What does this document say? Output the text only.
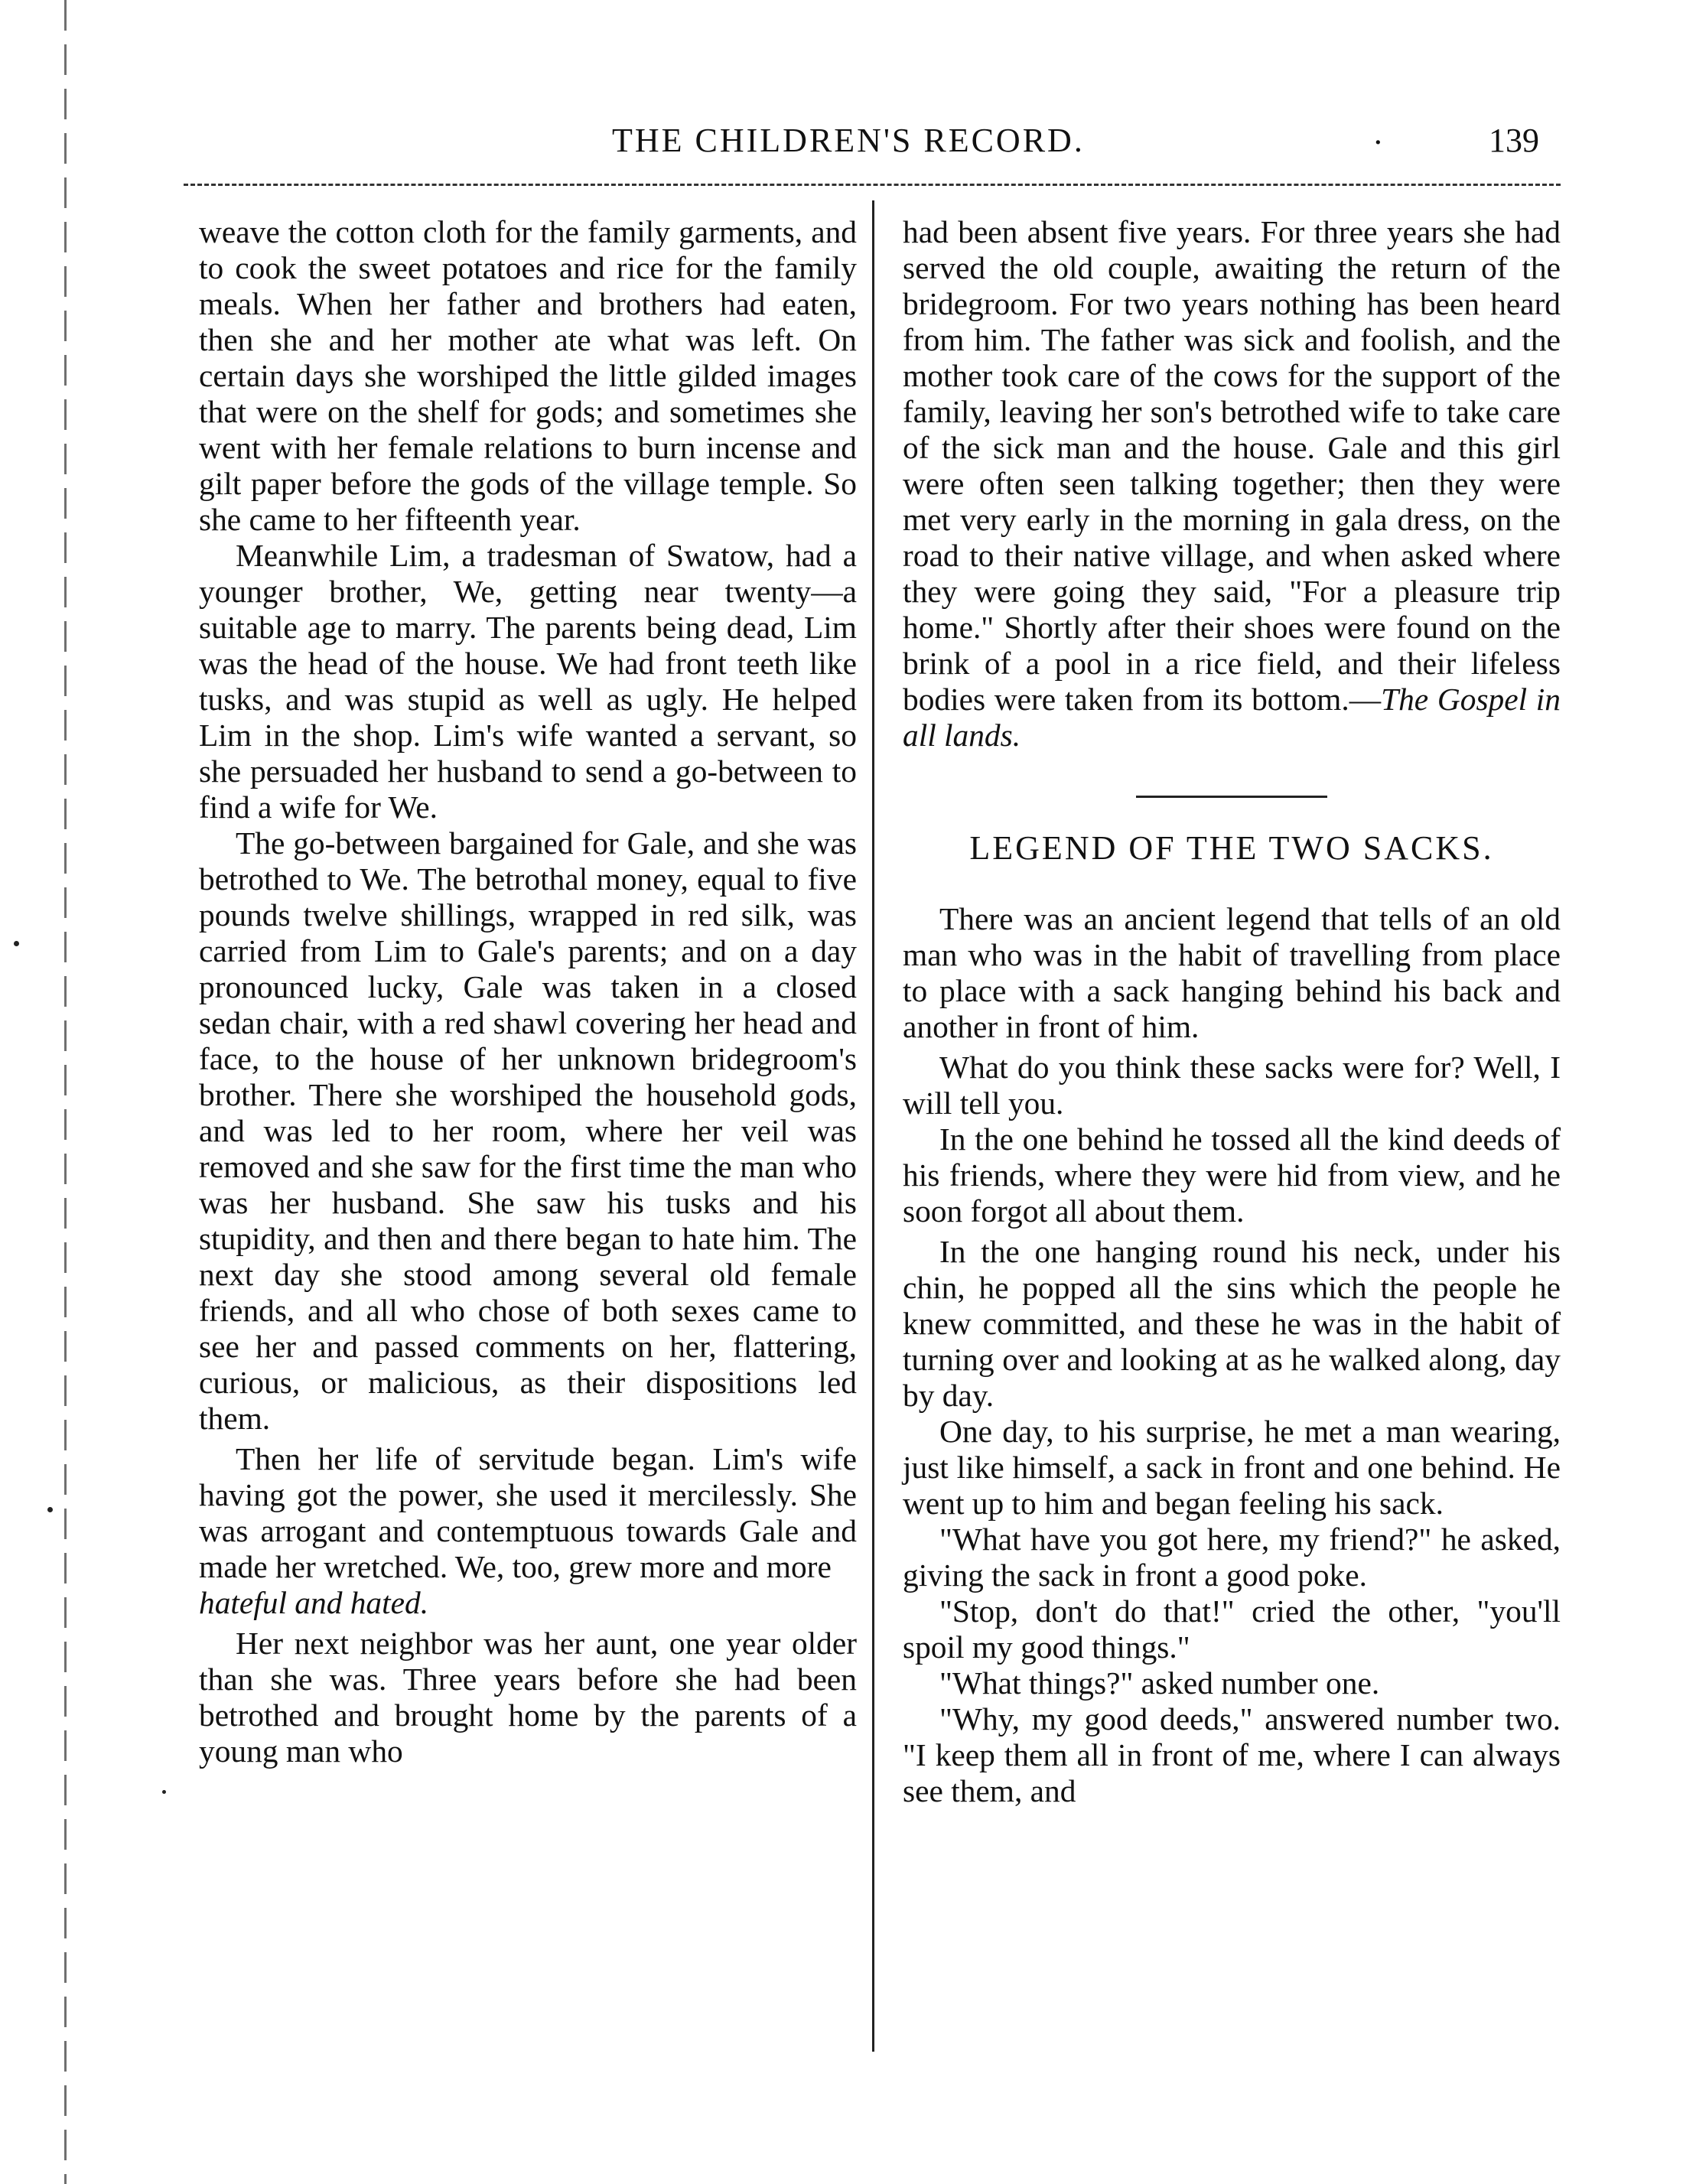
THE CHILDREN'S RECORD.	·	139

weave the cotton cloth for the family garments, and to cook the sweet potatoes and rice for the family meals. When her father and brothers had eaten, then she and her mother ate what was left. On certain days she worshiped the little gilded images that were on the shelf for gods; and sometimes she went with her female relations to burn incense and gilt paper before the gods of the village temple. So she came to her fifteenth year.

Meanwhile Lim, a tradesman of Swatow, had a younger brother, We, getting near twenty—a suitable age to marry. The parents being dead, Lim was the head of the house. We had front teeth like tusks, and was stupid as well as ugly. He helped Lim in the shop. Lim's wife wanted a servant, so she persuaded her husband to send a go-between to find a wife for We.

The go-between bargained for Gale, and she was betrothed to We. The betrothal money, equal to five pounds twelve shillings, wrapped in red silk, was carried from Lim to Gale's parents; and on a day pronounced lucky, Gale was taken in a closed sedan chair, with a red shawl covering her head and face, to the house of her unknown bridegroom's brother. There she worshiped the household gods, and was led to her room, where her veil was removed and she saw for the first time the man who was her husband. She saw his tusks and his stupidity, and then and there began to hate him. The next day she stood among several old female friends, and all who chose of both sexes came to see her and passed comments on her, flattering, curious, or malicious, as their dispositions led them.

Then her life of servitude began. Lim's wife having got the power, she used it mercilessly. She was arrogant and contemptuous towards Gale and made her wretched. We, too, grew more and more

hateful and hated.

Her next neighbor was her aunt, one year older than she was. Three years before she had been betrothed and brought home by the parents of a young man who

had been absent five years. For three years she had served the old couple, awaiting the return of the bridegroom. For two years nothing has been heard from him. The father was sick and foolish, and the mother took care of the cows for the support of the family, leaving her son's betrothed wife to take care of the sick man and the house. Gale and this girl were often seen talking together; then they were met very early in the morning in gala dress, on the road to their native village, and when asked where they were going they said, "For a pleasure trip home." Shortly after their shoes were found on the brink of a pool in a rice field, and their lifeless bodies were taken from its bottom.—The Gospel in all lands.

LEGEND OF THE TWO SACKS.

There was an ancient legend that tells of an old man who was in the habit of travelling from place to place with a sack hanging behind his back and another in front of him.

What do you think these sacks were for? Well, I will tell you.

In the one behind he tossed all the kind deeds of his friends, where they were hid from view, and he soon forgot all about them.

In the one hanging round his neck, under his chin, he popped all the sins which the people he knew committed, and these he was in the habit of turning over and looking at as he walked along, day by day.

One day, to his surprise, he met a man wearing, just like himself, a sack in front and one behind. He went up to him and began feeling his sack.

"What have you got here, my friend?" he asked, giving the sack in front a good poke.

"Stop, don't do that!" cried the other, "you'll spoil my good things."

"What things?" asked number one.

"Why, my good deeds," answered number two. "I keep them all in front of me, where I can always see them, and
